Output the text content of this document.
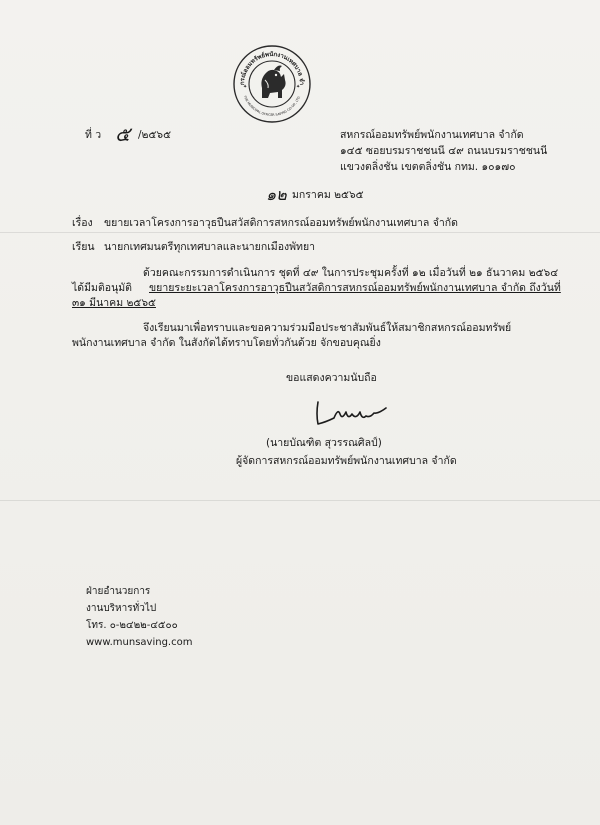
กรณ์ออมทรัพย์พนักงานเทศบาล จำ
THE MUNICIPAL OFFICER SAVING CO-OP., LTD.
✦	✦
ที่ ว ๕ /๒๕๖๕	สหกรณ์ออมทรัพย์พนักงานเทศบาล จำกัด
๑๔๕ ซอยบรมราชชนนี ๔๙ ถนนบรมราชชนนี
แขวงตลิ่งชัน เขตตลิ่งชัน กทม. ๑๐๑๗๐
๑๒ มกราคม ๒๕๖๕
เรื่อง ขยายเวลาโครงการอาวุธปืนสวัสดิการสหกรณ์ออมทรัพย์พนักงานเทศบาล จำกัด
เรียน นายกเทศมนตรีทุกเทศบาลและนายกเมืองพัทยา
ด้วยคณะกรรมการดำเนินการ ชุดที่ ๔๙ ในการประชุมครั้งที่ ๑๒ เมื่อวันที่ ๒๑ ธันวาคม ๒๕๖๔
ได้มีมติอนุมัติ ขยายระยะเวลาโครงการอาวุธปืนสวัสดิการสหกรณ์ออมทรัพย์พนักงานเทศบาล จำกัด ถึงวันที่
๓๑ มีนาคม ๒๕๖๕
จึงเรียนมาเพื่อทราบและขอความร่วมมือประชาสัมพันธ์ให้สมาชิกสหกรณ์ออมทรัพย์
พนักงานเทศบาล จำกัด ในสังกัดได้ทราบโดยทั่วกันด้วย จักขอบคุณยิ่ง
ขอแสดงความนับถือ
(นายบัณฑิต สุวรรณศิลป์)
ผู้จัดการสหกรณ์ออมทรัพย์พนักงานเทศบาล จำกัด
ฝ่ายอำนวยการ
งานบริหารทั่วไป
โทร. ๐-๒๔๒๒-๔๕๐๐
www.munsaving.com
